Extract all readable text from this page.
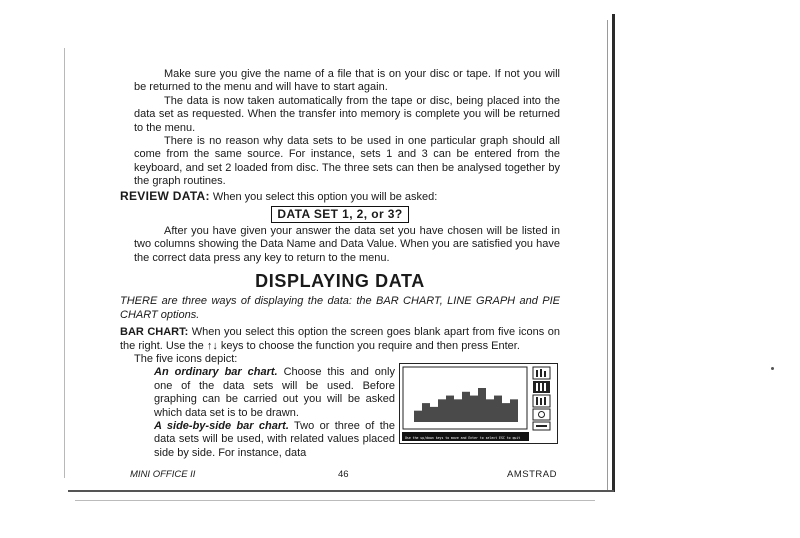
Make sure you give the name of a file that is on your disc or tape. If not you will be returned to the menu and will have to start again.

The data is now taken automatically from the tape or disc, being placed into the data set as requested. When the transfer into memory is complete you will be returned to the menu.

There is no reason why data sets to be used in one particular graph should all come from the same source. For instance, sets 1 and 3 can be entered from the keyboard, and set 2 loaded from disc. The three sets can then be analysed together by the graph routines.

REVIEW DATA: When you select this option you will be asked:

DATA SET 1, 2, or 3?

After you have given your answer the data set you have chosen will be listed in two columns showing the Data Name and Data Value. When you are satisfied you have the correct data press any key to return to the menu.

DISPLAYING DATA

THERE are three ways of displaying the data: the BAR CHART, LINE GRAPH and PIE CHART options.

BAR CHART: When you select this option the screen goes blank apart from five icons on the right. Use the ↑↓ keys to choose the function you require and then press Enter.

The five icons depict:

An ordinary bar chart. Choose this and only one of the data sets will be used. Before graphing can be carried out you will be asked which data set is to be drawn.

A side-by-side bar chart. Two or three of the data sets will be used, with related values placed side by side. For instance, data

Use the up/down keys to move and Enter to select ESC to quit
MINI OFFICE II	46	AMSTRAD
